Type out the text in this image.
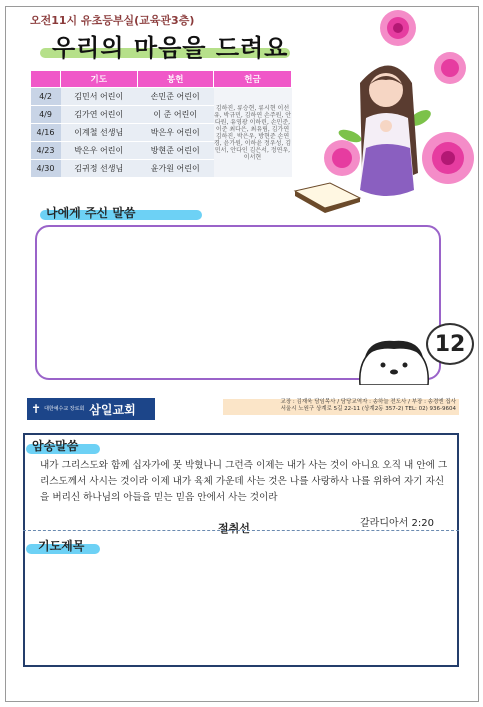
오전11시 유초등부실(교육관3층)
우리의 마음을 드려요
	기도	봉헌	헌금
4/2	김민서 어린이	손민준 어린이	김하진, 류승현, 류시현 이선유, 박규민, 김하연 손주원, 안다원, 유영광 이하린, 손민준, 이준 최다은, 최유림, 김가연 김하진, 박은우, 방현준 손연경, 윤가원, 이하윤 정우성, 김민서, 안다인 김은서, 정연우, 이서현
4/9	김가연 어린이	이 준 어린이	
4/16	이계철 선생님	박은우 어린이	
4/23	박은우 어린이	방현준 어린이	
4/30	김귀정 선생님	윤가원 어린이	
나에게 주신 말씀
12
✝ 대한예수교 장로회 삼일교회
교장 : 김재욱 담임목사 / 담당교역자 : 송하늘 전도사 / 부장 : 송경엔 집사
서울시 노원구 상계로 5길 22-11 (상계2동 357-2) TEL: 02) 936-9604
암송말씀
내가 그리스도와 함께 십자가에 못 박혔나니 그런즉 이제는 내가 사는 것이 아니요 오직 내 안에 그리스도께서 사시는 것이라 이제 내가 육체 가운데 사는 것은 나를 사랑하사 나를 위하여 자기 자신을 버리신 하나님의 아들을 믿는 믿음 안에서 사는 것이라
갈라디아서 2:20
절취선
기도제목
